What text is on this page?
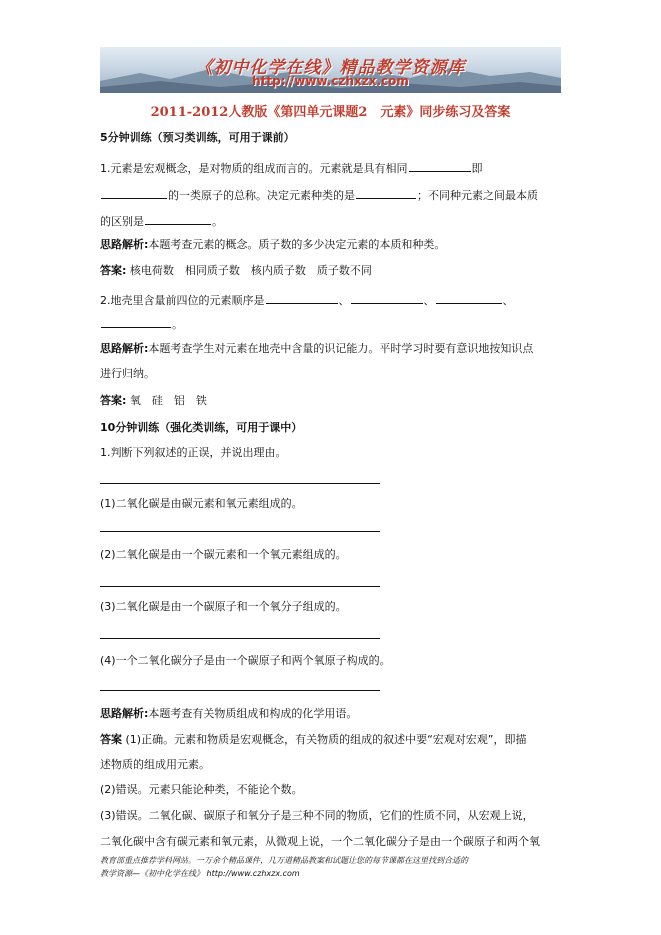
《初中化学在线》精品教学资源库
http://www.czhxzx.com
2011-2012人教版《第四单元课题2　元素》同步练习及答案
5分钟训练（预习类训练，可用于课前）
1.元素是宏观概念，是对物质的组成而言的。元素就是具有相同	即
的一类原子的总称。决定元素种类的是	；不同种元素之间最本质
的区别是	。
思路解析:本题考查元素的概念。质子数的多少决定元素的本质和种类。
答案: 核电荷数　相同质子数　核内质子数　质子数不同
2.地壳里含量前四位的元素顺序是	、	、	、
。
思路解析:本题考查学生对元素在地壳中含量的识记能力。平时学习时要有意识地按知识点
进行归纳。
答案: 氧　硅　铝　铁
10分钟训练（强化类训练，可用于课中）
1.判断下列叙述的正误，并说出理由。
(1)二氧化碳是由碳元素和氧元素组成的。
(2)二氧化碳是由一个碳元素和一个氧元素组成的。
(3)二氧化碳是由一个碳原子和一个氧分子组成的。
(4)一个二氧化碳分子是由一个碳原子和两个氧原子构成的。
思路解析:本题考查有关物质组成和构成的化学用语。
答案 (1)正确。元素和物质是宏观概念，有关物质的组成的叙述中要“宏观对宏观”，即描
述物质的组成用元素。
(2)错误。元素只能论种类，不能论个数。
(3)错误。二氧化碳、碳原子和氧分子是三种不同的物质，它们的性质不同，从宏观上说，
二氧化碳中含有碳元素和氧元素，从微观上说，一个二氧化碳分子是由一个碳原子和两个氧
教育部重点推荐学科网站。一万余个精品课件，几万道精品教案和试题让您的每节课都在这里找到合适的
教学资源—《初中化学在线》 http://www.czhxzx.com
